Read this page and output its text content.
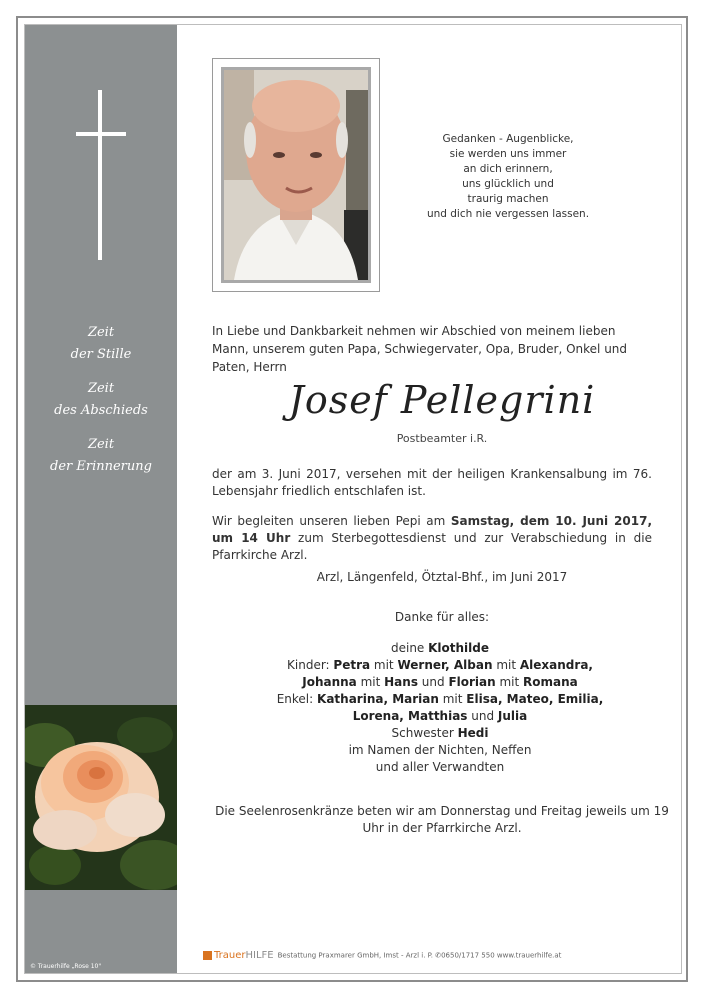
Zeit
der Stille
Zeit
des Abschieds
Zeit
der Erinnerung
© Trauerhilfe „Rose 10"
Gedanken - Augenblicke,
sie werden uns immer
an dich erinnern,
uns glücklich und
traurig machen
und dich nie vergessen lassen.
In Liebe und Dankbarkeit nehmen wir Abschied von meinem lieben Mann, unserem guten Papa, Schwiegervater, Opa, Bruder, Onkel und Paten, Herrn
Josef Pellegrini
Postbeamter i.R.
der am 3. Juni 2017, versehen mit der heiligen Krankensalbung im 76. Lebensjahr friedlich entschlafen ist.
Wir begleiten unseren lieben Pepi am Samstag, dem 10. Juni 2017, um 14 Uhr zum Sterbegottesdienst und zur Verabschiedung in die Pfarrkirche Arzl.
Arzl, Längenfeld, Ötztal-Bhf., im Juni 2017
Danke für alles:
deine Klothilde
Kinder: Petra mit Werner, Alban mit Alexandra,
Johanna mit Hans und Florian mit Romana
Enkel: Katharina, Marian mit Elisa, Mateo, Emilia,
Lorena, Matthias und Julia
Schwester Hedi
im Namen der Nichten, Neffen
und aller Verwandten
Die Seelenrosenkränze beten wir am Donnerstag und Freitag jeweils um 19 Uhr in der Pfarrkirche Arzl.
TrauerHILFE Bestattung Praxmarer GmbH, Imst - Arzl i. P. ✆0650/1717 550 www.trauerhilfe.at
